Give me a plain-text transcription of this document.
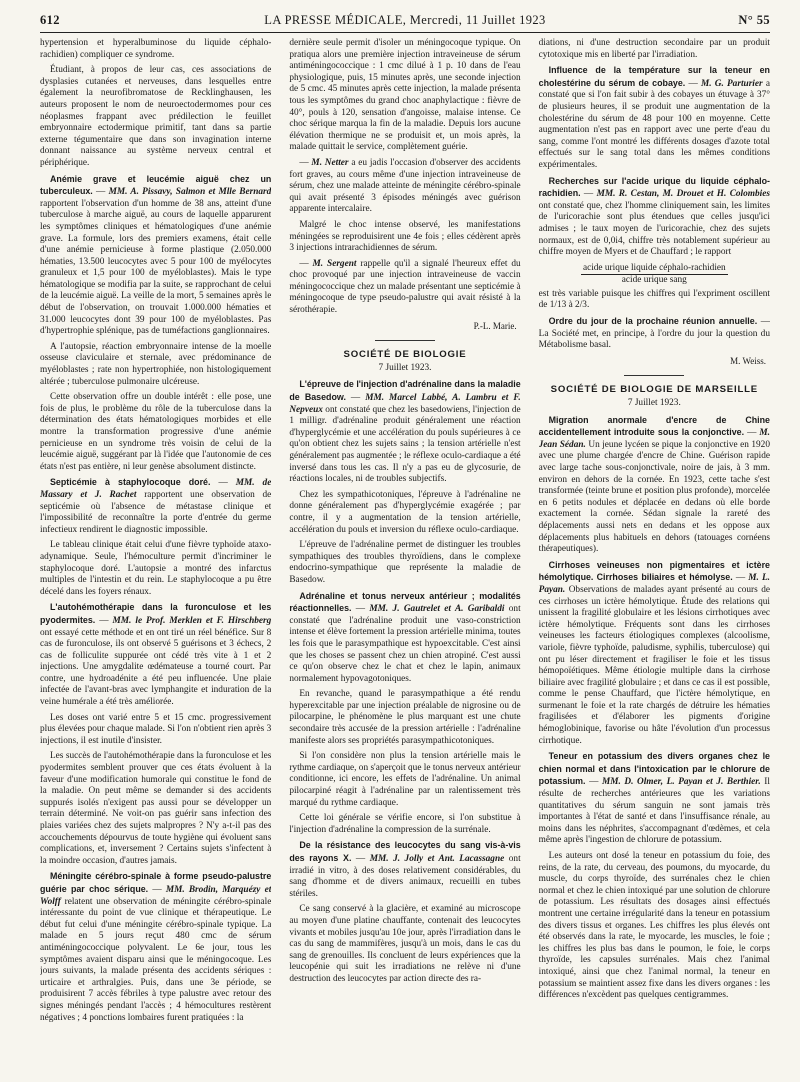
612	LA PRESSE MÉDICALE, Mercredi, 11 Juillet 1923	N° 55

hypertension et hyperalbuminose du liquide céphalo-rachidien) compliquer ce syndrome.

Étudiant, à propos de leur cas, ces associations de dysplasies cutanées et nerveuses, dans lesquelles entre également la neurofibromatose de Recklinghausen, les auteurs proposent le nom de neuroectodermomes pour ces néoplasmes frappant avec prédilection le feuillet embryonnaire ectodermique primitif, tant dans sa partie externe tégumentaire que dans son invagination interne donnant naissance au système nerveux central et périphérique.

Anémie grave et leucémie aiguë chez un tuberculeux. — MM. A. Pissavy, Salmon et Mlle Bernard rapportent l'observation d'un homme de 38 ans, atteint d'une tuberculose à marche aiguë, au cours de laquelle apparurent les symptômes cliniques et hématologiques d'une anémie grave. La formule, lors des premiers examens, était celle d'une anémie pernicieuse à forme plastique (2.050.000 hématies, 13.500 leucocytes avec 5 pour 100 de myélocytes granuleux et 1,5 pour 100 de myéloblastes). Mais le type hématologique se modifia par la suite, se rapprochant de celui de la leucémie aiguë. La veille de la mort, 5 semaines après le début de l'observation, on trouvait 1.000.000 hématies et 31.000 leucocytes dont 39 pour 100 de myéloblastes. Pas d'hypertrophie splénique, pas de tuméfactions ganglionnaires.

A l'autopsie, réaction embryonnaire intense de la moelle osseuse claviculaire et sternale, avec prédominance de myéloblastes ; rate non hypertrophiée, non histologiquement altérée ; tuberculose pulmonaire ulcéreuse.

Cette observation offre un double intérêt : elle pose, une fois de plus, le problème du rôle de la tuberculose dans la détermination des états hématologiques morbides et elle montre la transformation progressive d'une anémie pernicieuse en un syndrome très voisin de celui de la leucémie aiguë, suggérant par là l'idée que l'autonomie de ces états n'est pas entière, ni leur genèse absolument distincte.

Septicémie à staphylocoque doré. — MM. de Massary et J. Rachet rapportent une observation de septicémie où l'absence de métastase clinique et l'impossibilité de reconnaître la porte d'entrée du germe infectieux rendirent le diagnostic impossible.

Le tableau clinique était celui d'une fièvre typhoïde ataxo-adynamique. Seule, l'hémoculture permit d'incriminer le staphylocoque doré. L'autopsie a montré des infarctus multiples de l'intestin et du rein. Le staphylocoque a pu être décelé dans les foyers rénaux.

L'autohémothérapie dans la furonculose et les pyodermites. — MM. le Prof. Merklen et F. Hirschberg ont essayé cette méthode et en ont tiré un réel bénéfice. Sur 8 cas de furonculose, ils ont observé 5 guérisons et 3 échecs, 2 cas de folliculite suppurée ont cédé très vite à 1 et 2 injections. Une amygdalite œdémateuse a tourné court. Par contre, une hydroadénite a été peu influencée. Une plaie infectée de l'avant-bras avec lymphangite et induration de la veine humérale a été très améliorée.

Les doses ont varié entre 5 et 15 cmc. progressivement plus élevées pour chaque malade. Si l'on n'obtient rien après 3 injections, il est inutile d'insister.

Les succès de l'autohémothérapie dans la furonculose et les pyodermites semblent prouver que ces états évoluent à la faveur d'une modification humorale qui constitue le fond de la maladie. On peut même se demander si des accidents suppurés isolés n'exigent pas aussi pour se développer un terrain déterminé. Ne voit-on pas guérir sans infection des plaies variées chez des sujets malpropres ? N'y a-t-il pas des accouchements dépourvus de toute hygiène qui évoluent sans complications, et, inversement ? Certains sujets s'infectent à la moindre occasion, d'autres jamais.

Méningite cérébro-spinale à forme pseudo-palustre guérie par choc sérique. — MM. Brodin, Marquézy et Wolff relatent une observation de méningite cérébro-spinale intéressante du point de vue clinique et thérapeutique. Le début fut celui d'une méningite cérébro-spinale typique. La malade en 5 jours reçut 480 cmc de sérum antiméningococcique polyvalent. Le 6e jour, tous les symptômes avaient disparu ainsi que le méningocoque. Les jours suivants, la malade présenta des accidents sériques : urticaire et arthralgies. Puis, dans une 3e période, se produisirent 7 accès fébriles à type palustre avec retour des signes méningés pendant l'accès ; 4 hémocultures restèrent négatives ; 4 ponctions lombaires furent pratiquées : la

dernière seule permit d'isoler un méningocoque typique. On pratiqua alors une première injection intraveineuse de sérum antiméningococcique : 1 cmc dilué à 1 p. 10 dans de l'eau physiologique, puis, 15 minutes après, une seconde injection de 5 cmc. 45 minutes après cette injection, la malade présenta tous les symptômes du grand choc anaphylactique : fièvre de 40°, pouls à 120, sensation d'angoisse, malaise intense. Ce choc sérique marqua la fin de la maladie. Depuis lors aucune élévation thermique ne se produisit et, un mois après, la malade quittait le service, complètement guérie.

— M. Netter a eu jadis l'occasion d'observer des accidents fort graves, au cours même d'une injection intraveineuse de sérum, chez une malade atteinte de méningite cérébro-spinale qui avait présenté 3 épisodes méningés avec guérison apparente intercalaire.

Malgré le choc intense observé, les manifestations méningées se reproduisirent une 4e fois ; elles cédèrent après 3 injections intrarachidiennes de sérum.

— M. Sergent rappelle qu'il a signalé l'heureux effet du choc provoqué par une injection intraveineuse de vaccin méningococcique chez un malade présentant une septicémie à méningocoque de type pseudo-palustre qui avait résisté à la sérothérapie.

P.-L. Marie.
SOCIÉTÉ DE BIOLOGIE
7 Juillet 1923.

L'épreuve de l'injection d'adrénaline dans la maladie de Basedow. — MM. Marcel Labbé, A. Lambru et F. Nepveux ont constaté que chez les basedowiens, l'injection de 1 milligr. d'adrénaline produit généralement une réaction d'hyperglycémie et une accélération du pouls supérieures à ce qu'on obtient chez les sujets sains ; la tension artérielle n'est généralement pas augmentée ; le réflexe oculo-cardiaque a été inversé dans tous les cas. Il n'y a pas eu de glycosurie, de réactions locales, ni de troubles subjectifs.

Chez les sympathicotoniques, l'épreuve à l'adrénaline ne donne généralement pas d'hyperglycémie exagérée ; par contre, il y a augmentation de la tension artérielle, accélération du pouls et inversion du réflexe oculo-cardiaque.

L'épreuve de l'adrénaline permet de distinguer les troubles sympathiques des troubles thyroïdiens, dans le complexe endocrino-sympathique que représente la maladie de Basedow.

Adrénaline et tonus nerveux antérieur ; modalités réactionnelles. — MM. J. Gautrelet et A. Garibaldi ont constaté que l'adrénaline produit une vaso-constriction intense et élève fortement la pression artérielle minima, toutes les fois que le parasympathique est hypoexcitable. C'est ainsi que les choses se passent chez un chien atropiné. C'est aussi ce qu'on observe chez le chat et chez le lapin, animaux normalement hypovagotoniques.

En revanche, quand le parasympathique a été rendu hyperexcitable par une injection préalable de nigrosine ou de pilocarpine, le phénomène le plus marquant est une chute secondaire très accusée de la pression artérielle : l'adrénaline manifeste alors ses propriétés parasympathicotoniques.

Si l'on considère non plus la tension artérielle mais le rythme cardiaque, on s'aperçoit que le tonus nerveux antérieur conditionne, ici encore, les effets de l'adrénaline. Un animal pilocarpiné réagit à l'adrénaline par un ralentissement très marqué du rythme cardiaque.

Cette loi générale se vérifie encore, si l'on substitue à l'injection d'adrénaline la compression de la surrénale.

De la résistance des leucocytes du sang vis-à-vis des rayons X. — MM. J. Jolly et Ant. Lacassagne ont irradié in vitro, à des doses relativement considérables, du sang d'homme et de divers animaux, recueilli en tubes stériles.

Ce sang conservé à la glacière, et examiné au microscope au moyen d'une platine chauffante, contenait des leucocytes vivants et mobiles jusqu'au 10e jour, après l'irradiation dans le cas du sang de mammifères, jusqu'à un mois, dans le cas du sang de grenouilles. Ils concluent de leurs expériences que la leucopénie qui suit les irradiations ne relève ni d'une destruction des leucocytes par action directe des ra-

diations, ni d'une destruction secondaire par un produit cytotoxique mis en liberté par l'irradiation.

Influence de la température sur la teneur en cholestérine du sérum de cobaye. — M. G. Parturier a constaté que si l'on fait subir à des cobayes un étuvage à 37° de plusieurs heures, il se produit une augmentation de la cholestérine du sérum de 48 pour 100 en moyenne. Cette augmentation n'est pas en rapport avec une perte d'eau du sang, comme l'ont montré les différents dosages d'azote total effectués sur le sang total dans les mêmes conditions expérimentales.

Recherches sur l'acide urique du liquide céphalo-rachidien. — MM. R. Cestan, M. Drouet et H. Colombies ont constaté que, chez l'homme cliniquement sain, les limites de l'uricorachie sont plus étendues que celles jusqu'ici admises ; le taux moyen de l'uricorachie, chez des sujets normaux, est de 0,0i4, chiffre très notablement supérieur au chiffre moyen de Myers et de Chauffard ; le rapport

acide urique liquide céphalo-rachidien
acide urique sang

est très variable puisque les chiffres qui l'expriment oscillent de 1/13 à 2/3.

Ordre du jour de la prochaine réunion annuelle. — La Société met, en principe, à l'ordre du jour la question du Métabolisme basal.

M. Weiss.
SOCIÉTÉ DE BIOLOGIE DE MARSEILLE
7 Juillet 1923.

Migration anormale d'encre de Chine accidentellement introduite sous la conjonctive. — M. Jean Sédan. Un jeune lycéen se pique la conjonctive en 1920 avec une plume chargée d'encre de Chine. Guérison rapide avec large tache sous-conjonctivale, noire de jais, à 3 mm. environ en dehors de la cornée. En 1923, cette tache s'est transformée (teinte brune et position plus profonde), morcelée en 6 petits nodules et déplacée en dedans où elle borde exactement la cornée. Sédan signale la rareté des déplacements aussi nets en dedans et les oppose aux déplacements plus habituels en dehors (tatouages cornéens thérapeutiques).

Cirrhoses veineuses non pigmentaires et ictère hémolytique. Cirrhoses biliaires et hémolyse. — M. L. Payan. Observations de malades ayant présenté au cours de ces cirrhoses un ictère hémolytique. Étude des relations qui unissent la fragilité globulaire et les lésions cirrhotiques avec ictère hémolytique. Fréquents sont dans les cirrhoses veineuses les facteurs étiologiques complexes (alcoolisme, variole, fièvre typhoïde, paludisme, syphilis, tuberculose) qui ont pu léser directement et fragiliser le foie et les tissus hémopoïétiques. Même étiologie multiple dans la cirrhose biliaire avec fragilité globulaire ; et dans ce cas il est possible, comme le pense Chauffard, que l'ictère hémolytique, en surmenant le foie et la rate chargés de détruire les hématies fragilisées et d'élaborer les pigments d'origine hémoglobinique, favorise ou hâte l'évolution d'un processus cirrhotique.

Teneur en potassium des divers organes chez le chien normal et dans l'intoxication par le chlorure de potassium. — MM. D. Olmer, L. Payan et J. Berthier. Il résulte de recherches antérieures que les variations quantitatives du sérum sanguin ne sont jamais très importantes à l'état de santé et dans l'insuffisance rénale, au moins dans les néphrites, s'accompagnant d'œdèmes, et cela même après l'ingestion de chlorure de potassium.

Les auteurs ont dosé la teneur en potassium du foie, des reins, de la rate, du cerveau, des poumons, du myocarde, du muscle, du corps thyroïde, des surrénales chez le chien normal et chez le chien intoxiqué par une solution de chlorure de potassium. Les résultats des dosages ainsi effectués montrent une certaine irrégularité dans la teneur en potassium des divers tissus et organes. Les chiffres les plus élevés ont été observés dans la rate, le myocarde, les muscles, le foie ; les chiffres les plus bas dans le poumon, le foie, le corps thyroïde, les capsules surrénales. Mais chez l'animal intoxiqué, ainsi que chez l'animal normal, la teneur en potassium se maintient assez fixe dans les divers organes : les différences n'excèdent pas quelques centigrammes.
